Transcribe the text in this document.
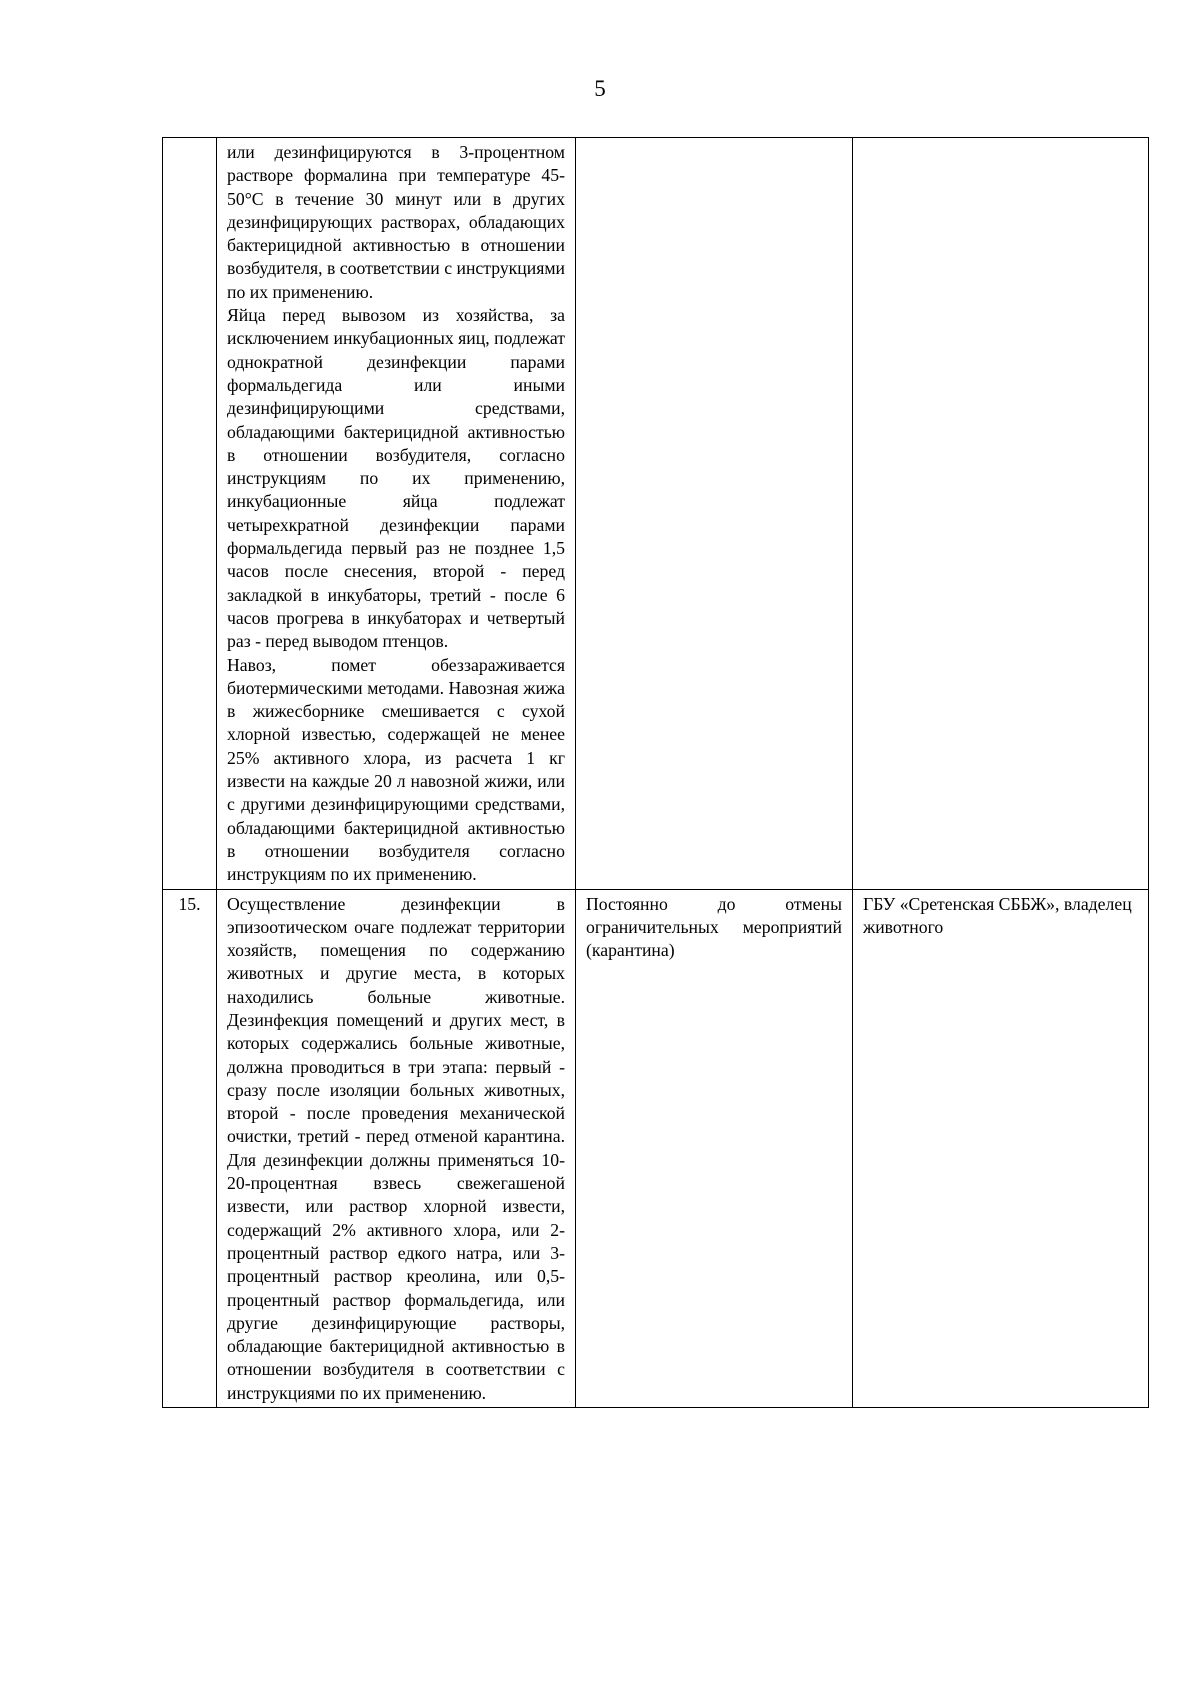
5

	или дезинфицируются в 3-процентном растворе формалина при температуре 45-50°С в течение 30 минут или в других дезинфицирующих растворах, обладающих бактерицидной активностью в отношении возбудителя, в соответствии с инструкциями по их применению.

Яйца перед вывозом из хозяйства, за исключением инкубационных яиц, подлежат однократной дезинфекции парами формальдегида или иными дезинфицирующими средствами, обладающими бактерицидной активностью в отношении возбудителя, согласно инструкциям по их применению, инкубационные яйца подлежат четырехкратной дезинфекции парами формальдегида первый раз не позднее 1,5 часов после снесения, второй - перед закладкой в инкубаторы, третий - после 6 часов прогрева в инкубаторах и четвертый раз - перед выводом птенцов.

Навоз, помет обеззараживается биотермическими методами. Навозная жижа в жижесборнике смешивается с сухой хлорной известью, содержащей не менее 25% активного хлора, из расчета 1 кг извести на каждые 20 л навозной жижи, или с другими дезинфицирующими средствами, обладающими бактерицидной активностью в отношении возбудителя согласно инструкциям по их применению.		

15.	Осуществление дезинфекции в эпизоотическом очаге подлежат территории хозяйств, помещения по содержанию животных и другие места, в которых находились больные животные. Дезинфекция помещений и других мест, в которых содержались больные животные, должна проводиться в три этапа: первый - сразу после изоляции больных животных, второй - после проведения механической очистки, третий - перед отменой карантина. Для дезинфекции должны применяться 10-20-процентная взвесь свежегашеной извести, или раствор хлорной извести, содержащий 2% активного хлора, или 2-процентный раствор едкого натра, или 3-процентный раствор креолина, или 0,5-процентный раствор формальдегида, или другие дезинфицирующие растворы, обладающие бактерицидной активностью в отношении возбудителя в соответствии с инструкциями по их применению.	Постоянно до отмены ограничительных мероприятий (карантина)	ГБУ «Сретенская СББЖ», владелец животного
